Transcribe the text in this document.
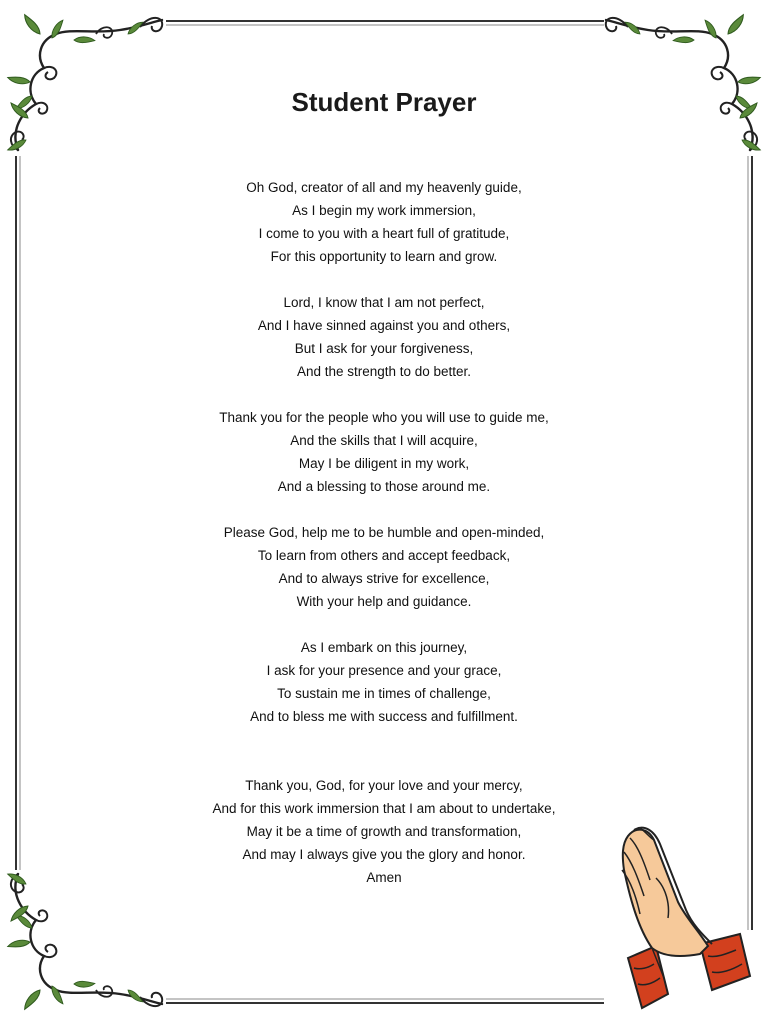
Student Prayer

Oh God, creator of all and my heavenly guide,
As I begin my work immersion,
I come to you with a heart full of gratitude,
For this opportunity to learn and grow.

Lord, I know that I am not perfect,
And I have sinned against you and others,
But I ask for your forgiveness,
And the strength to do better.

Thank you for the people who you will use to guide me,
And the skills that I will acquire,
May I be diligent in my work,
And a blessing to those around me.

Please God, help me to be humble and open-minded,
To learn from others and accept feedback,
And to always strive for excellence,
With your help and guidance.

As I embark on this journey,
I ask for your presence and your grace,
To sustain me in times of challenge,
And to bless me with success and fulfillment.

Thank you, God, for your love and your mercy,
And for this work immersion that I am about to undertake,
May it be a time of growth and transformation,
And may I always give you the glory and honor.
Amen
